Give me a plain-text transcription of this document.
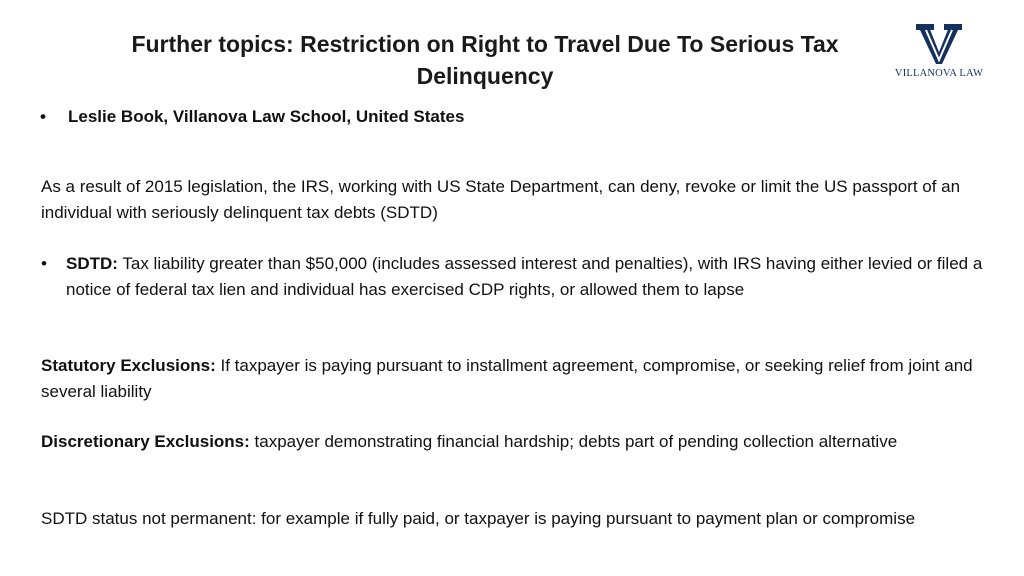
Further topics: Restriction on Right to Travel Due To Serious Tax Delinquency	VILLANOVA LAW
• Leslie Book, Villanova Law School, United States
As a result of 2015 legislation, the IRS, working with US State Department, can deny, revoke or limit the US passport of an individual with seriously delinquent tax debts (SDTD)
• SDTD: Tax liability greater than $50,000 (includes assessed interest and penalties), with IRS having either levied or filed a notice of federal tax lien and individual has exercised CDP rights, or allowed them to lapse
Statutory Exclusions: If taxpayer is paying pursuant to installment agreement, compromise, or seeking relief from joint and several liability
Discretionary Exclusions: taxpayer demonstrating financial hardship; debts part of pending collection alternative
SDTD status not permanent: for example if fully paid, or taxpayer is paying pursuant to payment plan or compromise
